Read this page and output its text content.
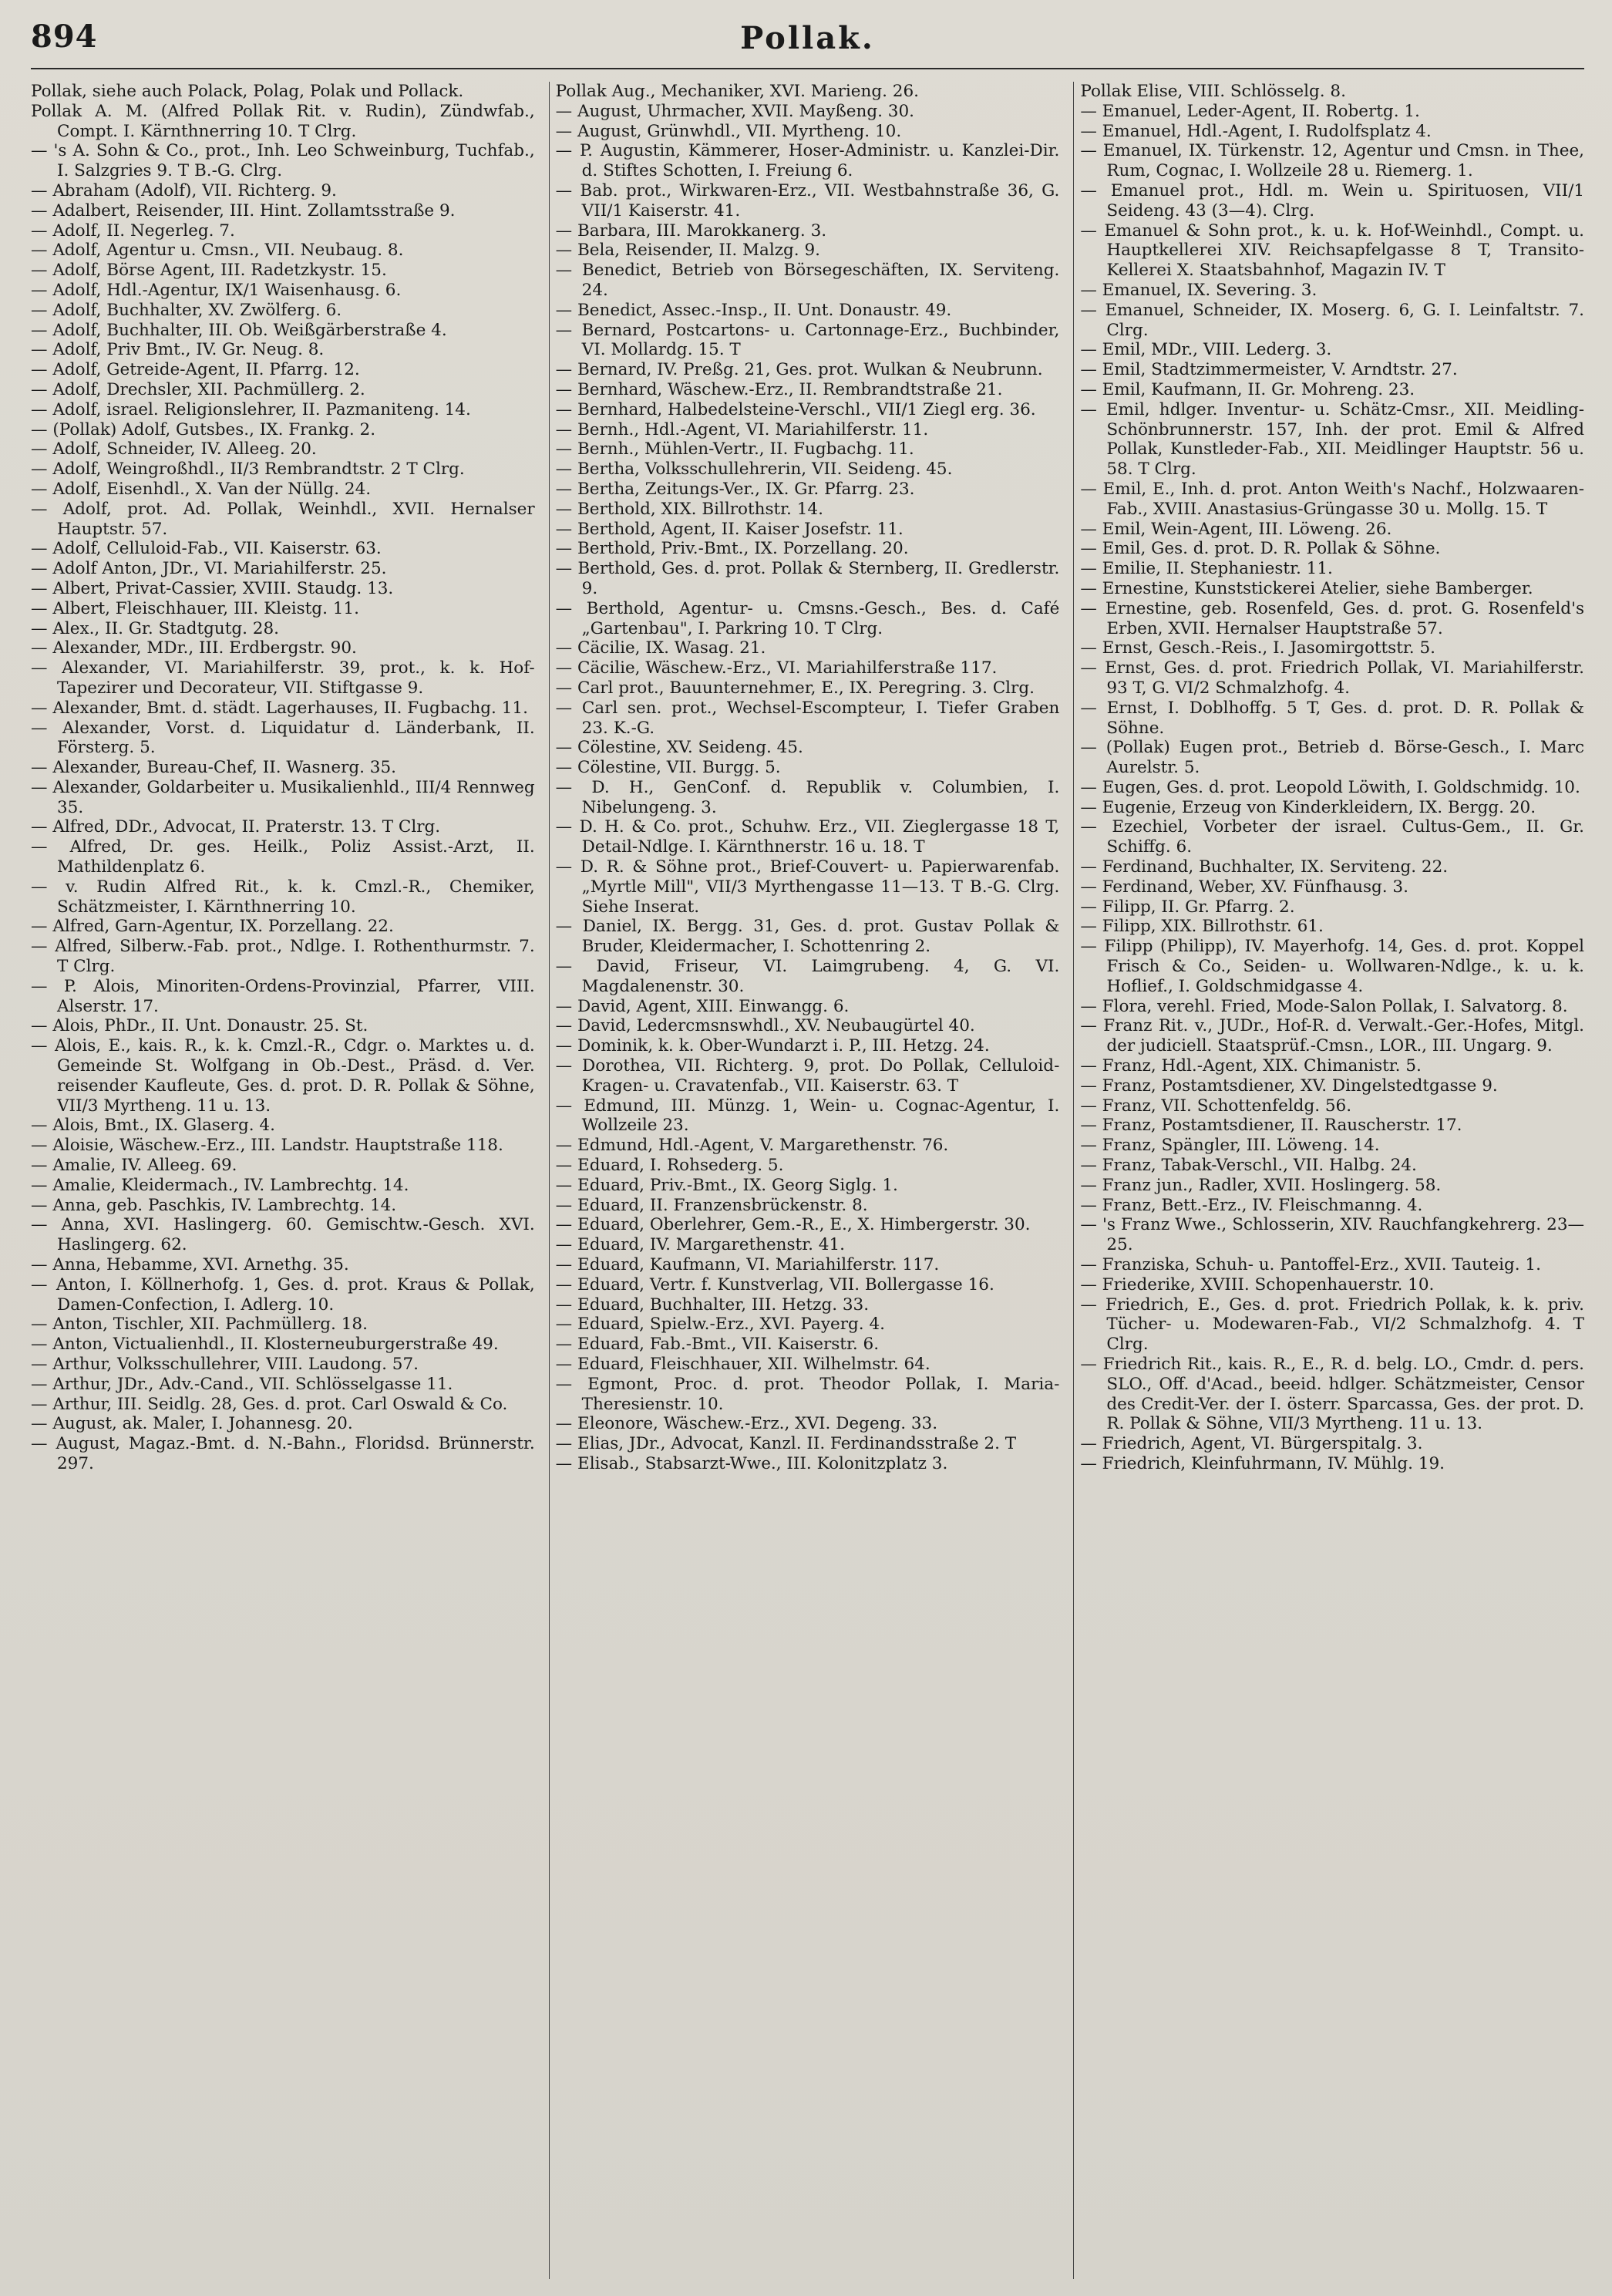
894	Pollak.

Pollak, siehe auch Polack, Polag, Polak und Pollack.

Pollak A. M. (Alfred Pollak Rit. v. Rudin), Zündwfab., Compt. I. Kärnthnerring 10. T Clrg.

— 's A. Sohn & Co., prot., Inh. Leo Schweinburg, Tuchfab., I. Salzgries 9. T B.-G. Clrg.

— Abraham (Adolf), VII. Richterg. 9.

— Adalbert, Reisender, III. Hint. Zollamtsstraße 9.

— Adolf, II. Negerleg. 7.

— Adolf, Agentur u. Cmsn., VII. Neubaug. 8.

— Adolf, Börse Agent, III. Radetzkystr. 15.

— Adolf, Hdl.-Agentur, IX/1 Waisenhausg. 6.

— Adolf, Buchhalter, XV. Zwölferg. 6.

— Adolf, Buchhalter, III. Ob. Weißgärberstraße 4.

— Adolf, Priv Bmt., IV. Gr. Neug. 8.

— Adolf, Getreide-Agent, II. Pfarrg. 12.

— Adolf, Drechsler, XII. Pachmüllerg. 2.

— Adolf, israel. Religionslehrer, II. Pazmaniteng. 14.

— (Pollak) Adolf, Gutsbes., IX. Frankg. 2.

— Adolf, Schneider, IV. Alleeg. 20.

— Adolf, Weingroßhdl., II/3 Rembrandtstr. 2 T Clrg.

— Adolf, Eisenhdl., X. Van der Nüllg. 24.

— Adolf, prot. Ad. Pollak, Weinhdl., XVII. Hernalser Hauptstr. 57.

— Adolf, Celluloid-Fab., VII. Kaiserstr. 63.

— Adolf Anton, JDr., VI. Mariahilferstr. 25.

— Albert, Privat-Cassier, XVIII. Staudg. 13.

— Albert, Fleischhauer, III. Kleistg. 11.

— Alex., II. Gr. Stadtgutg. 28.

— Alexander, MDr., III. Erdbergstr. 90.

— Alexander, VI. Mariahilferstr. 39, prot., k. k. Hof-Tapezirer und Decorateur, VII. Stiftgasse 9.

— Alexander, Bmt. d. städt. Lagerhauses, II. Fugbachg. 11.

— Alexander, Vorst. d. Liquidatur d. Länderbank, II. Försterg. 5.

— Alexander, Bureau-Chef, II. Wasnerg. 35.

— Alexander, Goldarbeiter u. Musikalienhld., III/4 Rennweg 35.

— Alfred, DDr., Advocat, II. Praterstr. 13. T Clrg.

— Alfred, Dr. ges. Heilk., Poliz Assist.-Arzt, II. Mathildenplatz 6.

— v. Rudin Alfred Rit., k. k. Cmzl.-R., Chemiker, Schätzmeister, I. Kärnthnerring 10.

— Alfred, Garn-Agentur, IX. Porzellang. 22.

— Alfred, Silberw.-Fab. prot., Ndlge. I. Rothenthurmstr. 7. T Clrg.

— P. Alois, Minoriten-Ordens-Provinzial, Pfarrer, VIII. Alserstr. 17.

— Alois, PhDr., II. Unt. Donaustr. 25. St.

— Alois, E., kais. R., k. k. Cmzl.-R., Cdgr. o. Marktes u. d. Gemeinde St. Wolfgang in Ob.-Dest., Präsd. d. Ver. reisender Kaufleute, Ges. d. prot. D. R. Pollak & Söhne, VII/3 Myrtheng. 11 u. 13.

— Alois, Bmt., IX. Glaserg. 4.

— Aloisie, Wäschew.-Erz., III. Landstr. Hauptstraße 118.

— Amalie, IV. Alleeg. 69.

— Amalie, Kleidermach., IV. Lambrechtg. 14.

— Anna, geb. Paschkis, IV. Lambrechtg. 14.

— Anna, XVI. Haslingerg. 60. Gemischtw.-Gesch. XVI. Haslingerg. 62.

— Anna, Hebamme, XVI. Arnethg. 35.

— Anton, I. Köllnerhofg. 1, Ges. d. prot. Kraus & Pollak, Damen-Confection, I. Adlerg. 10.

— Anton, Tischler, XII. Pachmüllerg. 18.

— Anton, Victualienhdl., II. Klosterneuburgerstraße 49.

— Arthur, Volksschullehrer, VIII. Laudong. 57.

— Arthur, JDr., Adv.-Cand., VII. Schlösselgasse 11.

— Arthur, III. Seidlg. 28, Ges. d. prot. Carl Oswald & Co.

— August, ak. Maler, I. Johannesg. 20.

— August, Magaz.-Bmt. d. N.-Bahn., Floridsd. Brünnerstr. 297.

Pollak Aug., Mechaniker, XVI. Marieng. 26.

— August, Uhrmacher, XVII. Mayßeng. 30.

— August, Grünwhdl., VII. Myrtheng. 10.

— P. Augustin, Kämmerer, Hoser-Administr. u. Kanzlei-Dir. d. Stiftes Schotten, I. Freiung 6.

— Bab. prot., Wirkwaren-Erz., VII. Westbahnstraße 36, G. VII/1 Kaiserstr. 41.

— Barbara, III. Marokkanerg. 3.

— Bela, Reisender, II. Malzg. 9.

— Benedict, Betrieb von Börsegeschäften, IX. Serviteng. 24.

— Benedict, Assec.-Insp., II. Unt. Donaustr. 49.

— Bernard, Postcartons- u. Cartonnage-Erz., Buchbinder, VI. Mollardg. 15. T

— Bernard, IV. Preßg. 21, Ges. prot. Wulkan & Neubrunn.

— Bernhard, Wäschew.-Erz., II. Rembrandtstraße 21.

— Bernhard, Halbedelsteine-Verschl., VII/1 Ziegl erg. 36.

— Bernh., Hdl.-Agent, VI. Mariahilferstr. 11.

— Bernh., Mühlen-Vertr., II. Fugbachg. 11.

— Bertha, Volksschullehrerin, VII. Seideng. 45.

— Bertha, Zeitungs-Ver., IX. Gr. Pfarrg. 23.

— Berthold, XIX. Billrothstr. 14.

— Berthold, Agent, II. Kaiser Josefstr. 11.

— Berthold, Priv.-Bmt., IX. Porzellang. 20.

— Berthold, Ges. d. prot. Pollak & Sternberg, II. Gredlerstr. 9.

— Berthold, Agentur- u. Cmsns.-Gesch., Bes. d. Café „Gartenbau", I. Parkring 10. T Clrg.

— Cäcilie, IX. Wasag. 21.

— Cäcilie, Wäschew.-Erz., VI. Mariahilferstraße 117.

— Carl prot., Bauunternehmer, E., IX. Peregring. 3. Clrg.

— Carl sen. prot., Wechsel-Escompteur, I. Tiefer Graben 23. K.-G.

— Cölestine, XV. Seideng. 45.

— Cölestine, VII. Burgg. 5.

— D. H., GenConf. d. Republik v. Columbien, I. Nibelungeng. 3.

— D. H. & Co. prot., Schuhw. Erz., VII. Zieglergasse 18 T, Detail-Ndlge. I. Kärnthnerstr. 16 u. 18. T

— D. R. & Söhne prot., Brief-Couvert- u. Papierwarenfab. „Myrtle Mill", VII/3 Myrthengasse 11—13. T B.-G. Clrg. Siehe Inserat.

— Daniel, IX. Bergg. 31, Ges. d. prot. Gustav Pollak & Bruder, Kleidermacher, I. Schottenring 2.

— David, Friseur, VI. Laimgrubeng. 4, G. VI. Magdalenenstr. 30.

— David, Agent, XIII. Einwangg. 6.

— David, Ledercmsnswhdl., XV. Neubaugürtel 40.

— Dominik, k. k. Ober-Wundarzt i. P., III. Hetzg. 24.

— Dorothea, VII. Richterg. 9, prot. Do Pollak, Celluloid-Kragen- u. Cravatenfab., VII. Kaiserstr. 63. T

— Edmund, III. Münzg. 1, Wein- u. Cognac-Agentur, I. Wollzeile 23.

— Edmund, Hdl.-Agent, V. Margarethenstr. 76.

— Eduard, I. Rohsederg. 5.

— Eduard, Priv.-Bmt., IX. Georg Siglg. 1.

— Eduard, II. Franzensbrückenstr. 8.

— Eduard, Oberlehrer, Gem.-R., E., X. Himbergerstr. 30.

— Eduard, IV. Margarethenstr. 41.

— Eduard, Kaufmann, VI. Mariahilferstr. 117.

— Eduard, Vertr. f. Kunstverlag, VII. Bollergasse 16.

— Eduard, Buchhalter, III. Hetzg. 33.

— Eduard, Spielw.-Erz., XVI. Payerg. 4.

— Eduard, Fab.-Bmt., VII. Kaiserstr. 6.

— Eduard, Fleischhauer, XII. Wilhelmstr. 64.

— Egmont, Proc. d. prot. Theodor Pollak, I. Maria-Theresienstr. 10.

— Eleonore, Wäschew.-Erz., XVI. Degeng. 33.

— Elias, JDr., Advocat, Kanzl. II. Ferdinandsstraße 2. T

— Elisab., Stabsarzt-Wwe., III. Kolonitzplatz 3.

Pollak Elise, VIII. Schlösselg. 8.

— Emanuel, Leder-Agent, II. Robertg. 1.

— Emanuel, Hdl.-Agent, I. Rudolfsplatz 4.

— Emanuel, IX. Türkenstr. 12, Agentur und Cmsn. in Thee, Rum, Cognac, I. Wollzeile 28 u. Riemerg. 1.

— Emanuel prot., Hdl. m. Wein u. Spirituosen, VII/1 Seideng. 43 (3—4). Clrg.

— Emanuel & Sohn prot., k. u. k. Hof-Weinhdl., Compt. u. Hauptkellerei XIV. Reichsapfelgasse 8 T, Transito-Kellerei X. Staatsbahnhof, Magazin IV. T

— Emanuel, IX. Severing. 3.

— Emanuel, Schneider, IX. Moserg. 6, G. I. Leinfaltstr. 7. Clrg.

— Emil, MDr., VIII. Lederg. 3.

— Emil, Stadtzimmermeister, V. Arndtstr. 27.

— Emil, Kaufmann, II. Gr. Mohreng. 23.

— Emil, hdlger. Inventur- u. Schätz-Cmsr., XII. Meidling-Schönbrunnerstr. 157, Inh. der prot. Emil & Alfred Pollak, Kunstleder-Fab., XII. Meidlinger Hauptstr. 56 u. 58. T Clrg.

— Emil, E., Inh. d. prot. Anton Weith's Nachf., Holzwaaren-Fab., XVIII. Anastasius-Grüngasse 30 u. Mollg. 15. T

— Emil, Wein-Agent, III. Löweng. 26.

— Emil, Ges. d. prot. D. R. Pollak & Söhne.

— Emilie, II. Stephaniestr. 11.

— Ernestine, Kunststickerei Atelier, siehe Bamberger.

— Ernestine, geb. Rosenfeld, Ges. d. prot. G. Rosenfeld's Erben, XVII. Hernalser Hauptstraße 57.

— Ernst, Gesch.-Reis., I. Jasomirgottstr. 5.

— Ernst, Ges. d. prot. Friedrich Pollak, VI. Mariahilferstr. 93 T, G. VI/2 Schmalzhofg. 4.

— Ernst, I. Doblhoffg. 5 T, Ges. d. prot. D. R. Pollak & Söhne.

— (Pollak) Eugen prot., Betrieb d. Börse-Gesch., I. Marc Aurelstr. 5.

— Eugen, Ges. d. prot. Leopold Löwith, I. Goldschmidg. 10.

— Eugenie, Erzeug von Kinderkleidern, IX. Bergg. 20.

— Ezechiel, Vorbeter der israel. Cultus-Gem., II. Gr. Schiffg. 6.

— Ferdinand, Buchhalter, IX. Serviteng. 22.

— Ferdinand, Weber, XV. Fünfhausg. 3.

— Filipp, II. Gr. Pfarrg. 2.

— Filipp, XIX. Billrothstr. 61.

— Filipp (Philipp), IV. Mayerhofg. 14, Ges. d. prot. Koppel Frisch & Co., Seiden- u. Wollwaren-Ndlge., k. u. k. Hoflief., I. Goldschmidgasse 4.

— Flora, verehl. Fried, Mode-Salon Pollak, I. Salvatorg. 8.

— Franz Rit. v., JUDr., Hof-R. d. Verwalt.-Ger.-Hofes, Mitgl. der judiciell. Staatsprüf.-Cmsn., LOR., III. Ungarg. 9.

— Franz, Hdl.-Agent, XIX. Chimanistr. 5.

— Franz, Postamtsdiener, XV. Dingelstedtgasse 9.

— Franz, VII. Schottenfeldg. 56.

— Franz, Postamtsdiener, II. Rauscherstr. 17.

— Franz, Spängler, III. Löweng. 14.

— Franz, Tabak-Verschl., VII. Halbg. 24.

— Franz jun., Radler, XVII. Hoslingerg. 58.

— Franz, Bett.-Erz., IV. Fleischmanng. 4.

— 's Franz Wwe., Schlosserin, XIV. Rauchfangkehrerg. 23—25.

— Franziska, Schuh- u. Pantoffel-Erz., XVII. Tauteig. 1.

— Friederike, XVIII. Schopenhauerstr. 10.

— Friedrich, E., Ges. d. prot. Friedrich Pollak, k. k. priv. Tücher- u. Modewaren-Fab., VI/2 Schmalzhofg. 4. T Clrg.

— Friedrich Rit., kais. R., E., R. d. belg. LO., Cmdr. d. pers. SLO., Off. d'Acad., beeid. hdlger. Schätzmeister, Censor des Credit-Ver. der I. österr. Sparcassa, Ges. der prot. D. R. Pollak & Söhne, VII/3 Myrtheng. 11 u. 13.

— Friedrich, Agent, VI. Bürgerspitalg. 3.

— Friedrich, Kleinfuhrmann, IV. Mühlg. 19.
